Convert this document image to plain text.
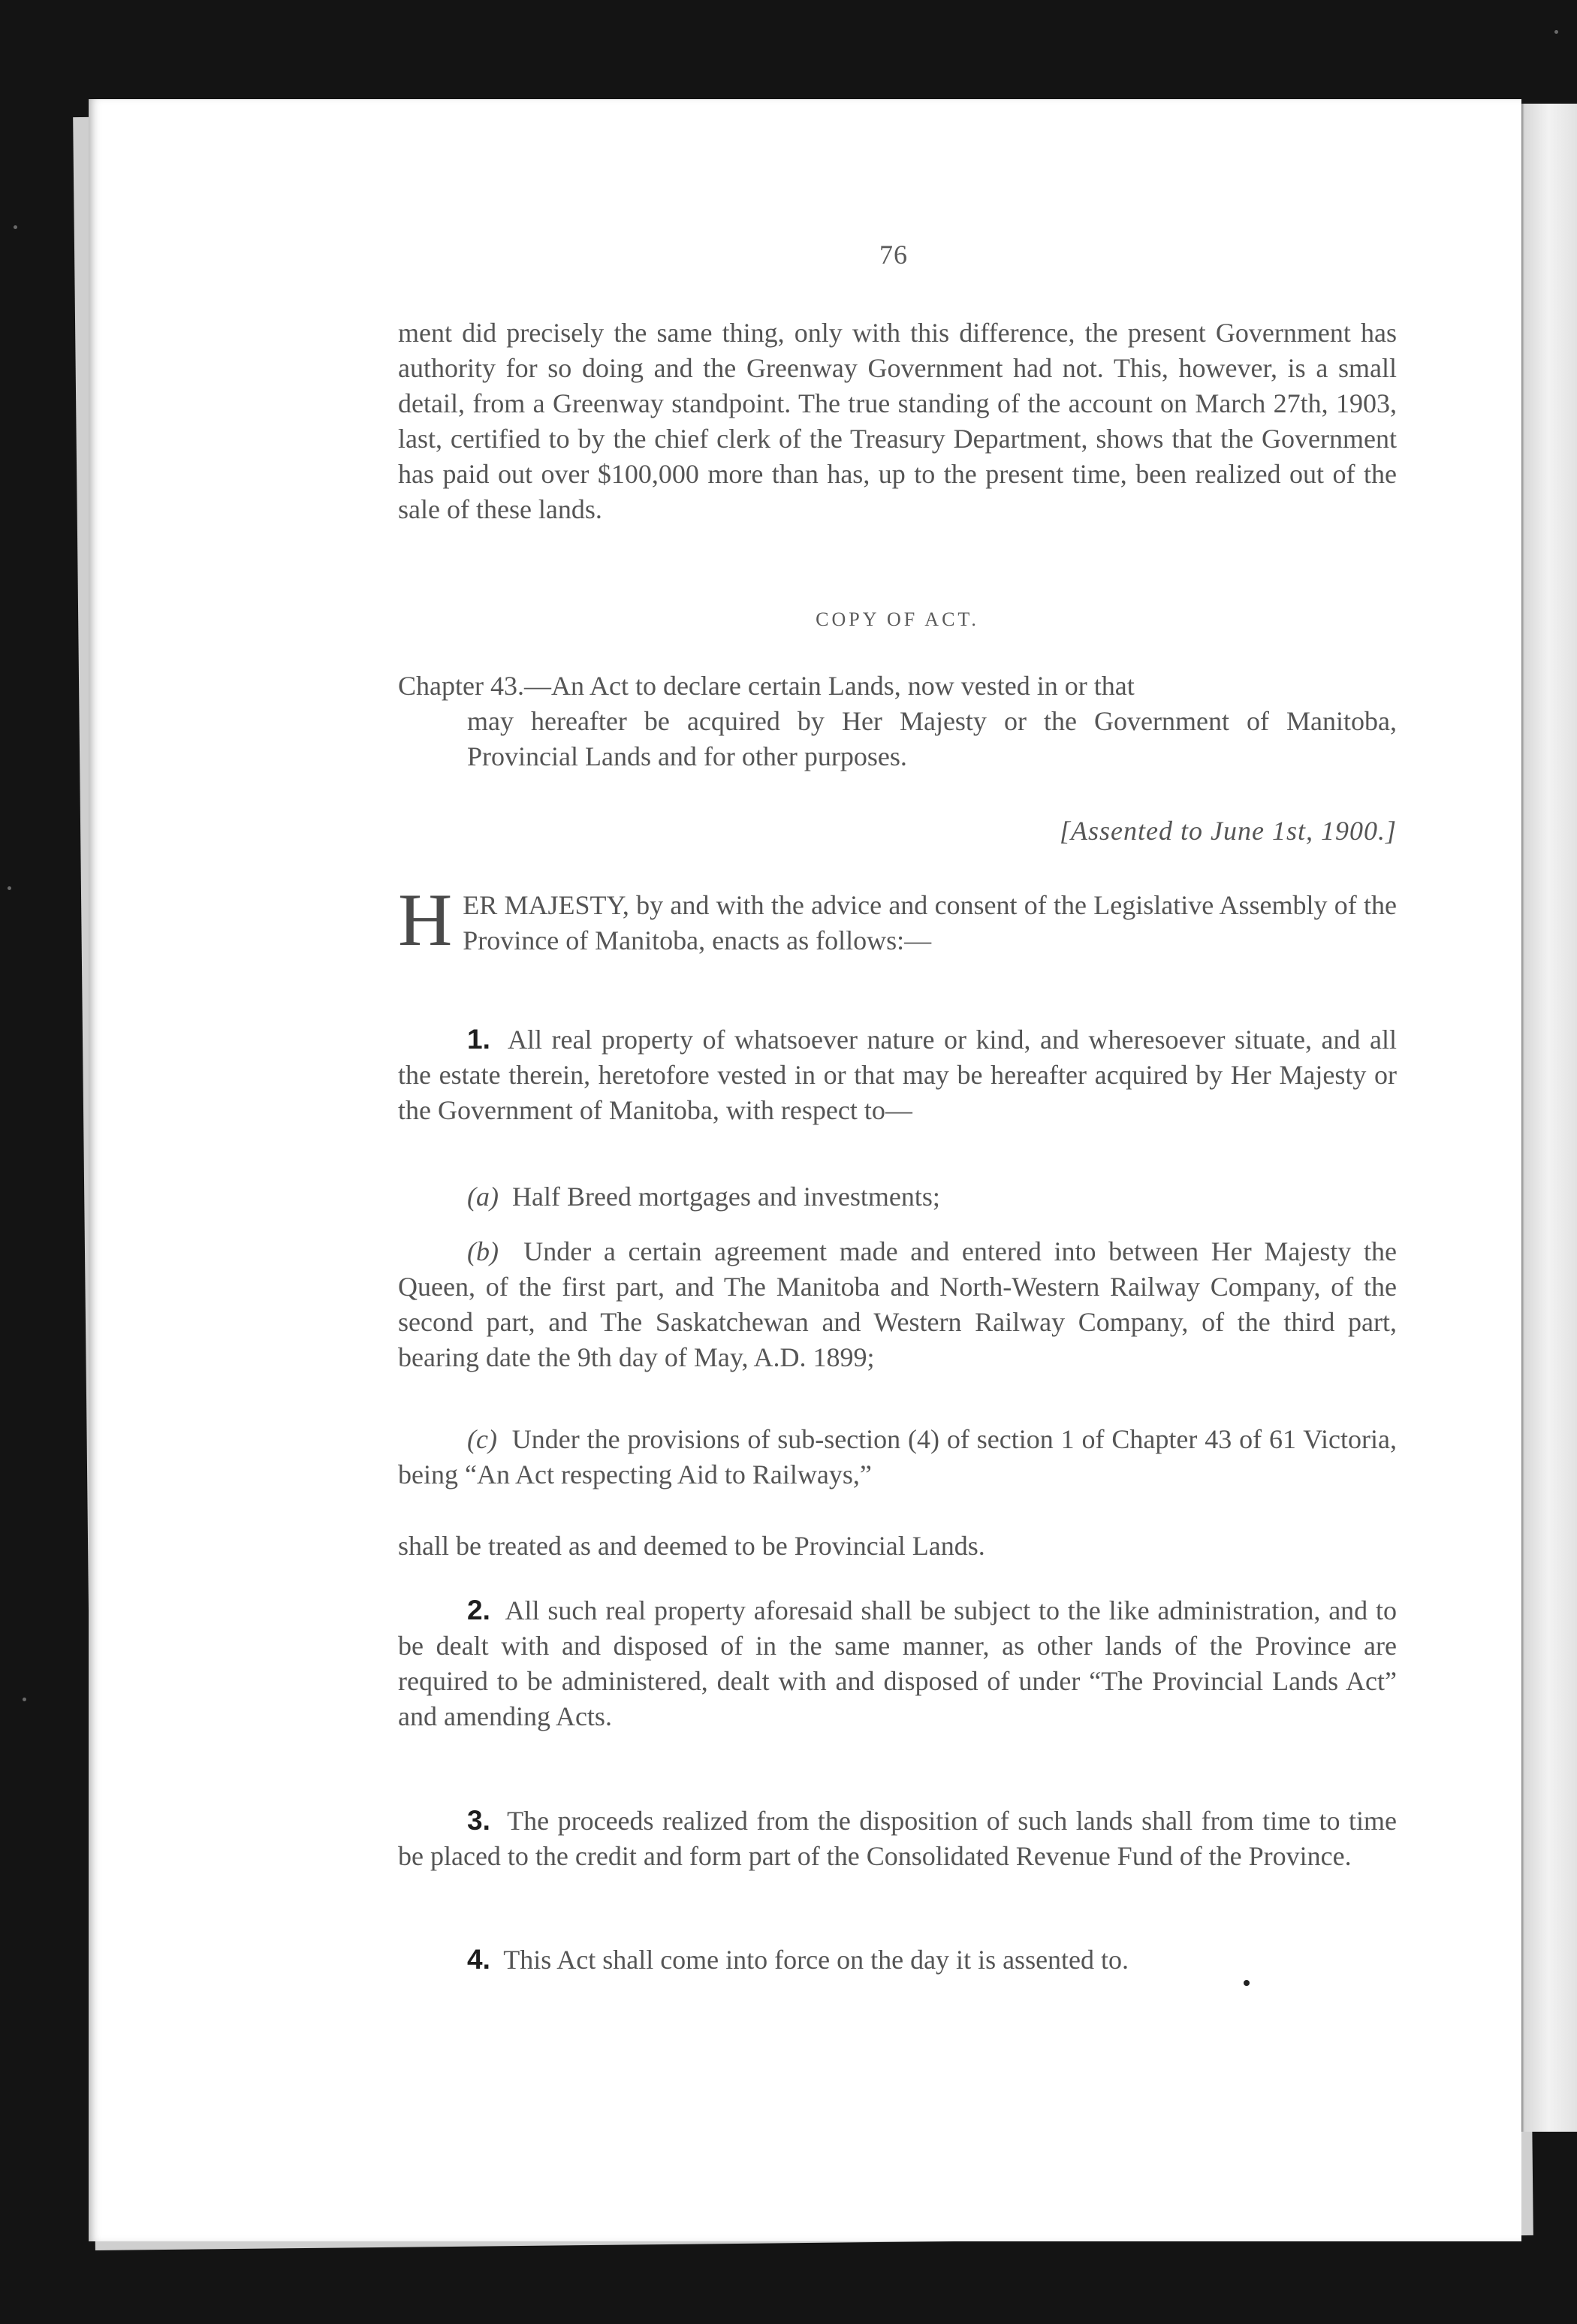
76
ment did precisely the same thing, only with this difference, the present Government has authority for so doing and the Greenway Government had not. This, however, is a small detail, from a Greenway standpoint. The true standing of the account on March 27th, 1903, last, certified to by the chief clerk of the Treasury Department, shows that the Government has paid out over $100,000 more than has, up to the present time, been realized out of the sale of these lands.
COPY OF ACT.
Chapter 43.—An Act to declare certain Lands, now vested in or that
may hereafter be acquired by Her Majesty or the Government of Manitoba, Provincial Lands and for other purposes.
[Assented to June 1st, 1900.]
H ER MAJESTY, by and with the advice and consent of the Legislative Assembly of the Province of Manitoba, enacts as follows:—
1. All real property of whatsoever nature or kind, and wheresoever situate, and all the estate therein, heretofore vested in or that may be hereafter acquired by Her Majesty or the Government of Manitoba, with respect to—
(a) Half Breed mortgages and investments;
(b) Under a certain agreement made and entered into between Her Majesty the Queen, of the first part, and The Manitoba and North-Western Railway Company, of the second part, and The Saskatchewan and Western Railway Company, of the third part, bearing date the 9th day of May, A.D. 1899;
(c) Under the provisions of sub-section (4) of section 1 of Chapter 43 of 61 Victoria, being “An Act respecting Aid to Railways,”
shall be treated as and deemed to be Provincial Lands.
2. All such real property aforesaid shall be subject to the like administration, and to be dealt with and disposed of in the same manner, as other lands of the Province are required to be administered, dealt with and disposed of under “The Provincial Lands Act” and amending Acts.
3. The proceeds realized from the disposition of such lands shall from time to time be placed to the credit and form part of the Consolidated Revenue Fund of the Province.
4. This Act shall come into force on the day it is assented to.
